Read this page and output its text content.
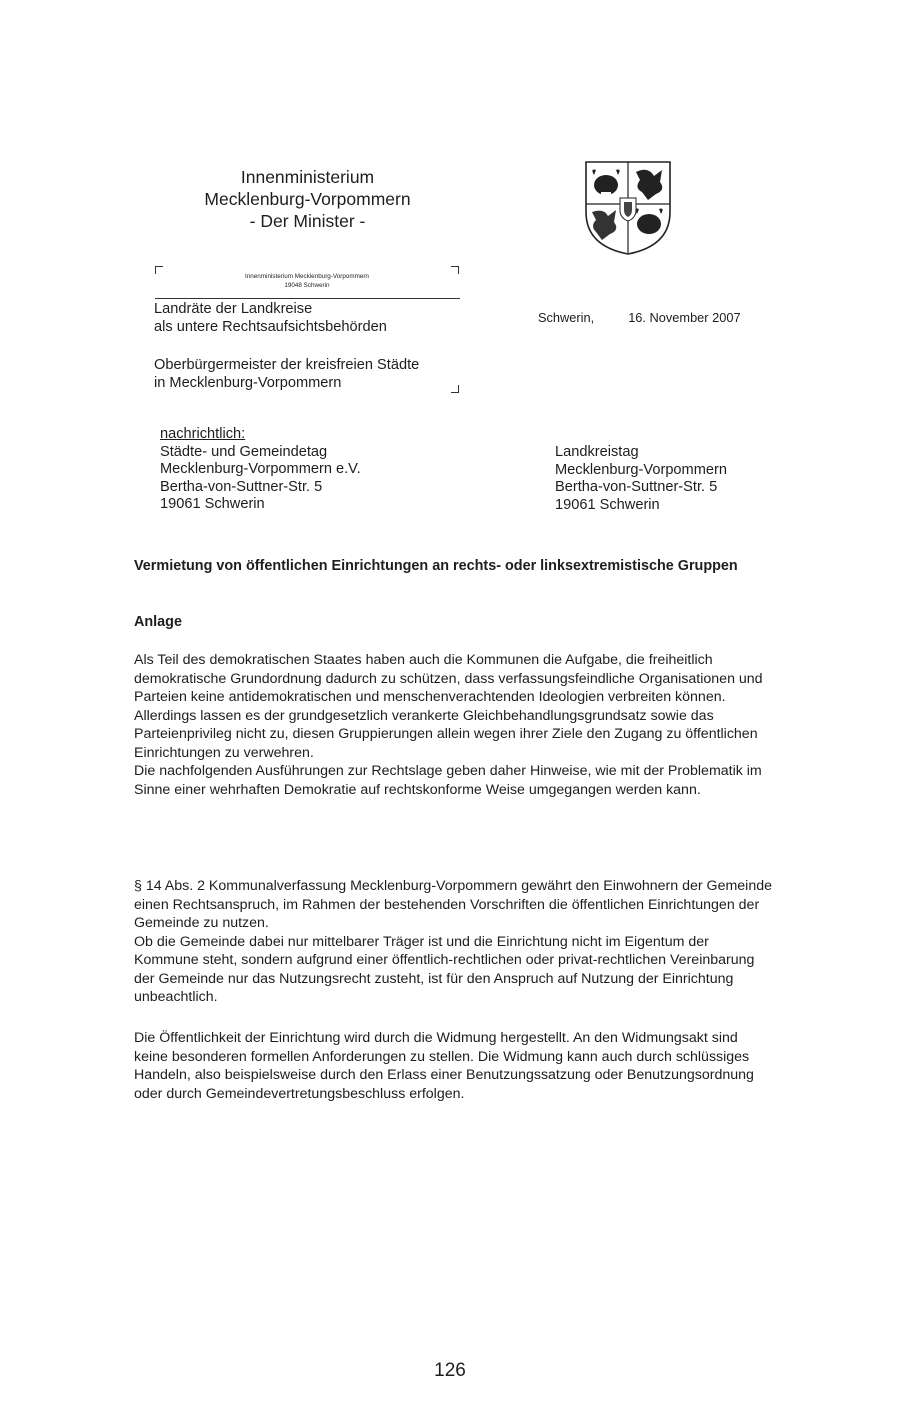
Innenministerium
Mecklenburg-Vorpommern
- Der Minister -
Innenministerium Mecklenburg-Vorpommern
19048 Schwerin
Landräte der Landkreise
als untere Rechtsaufsichtsbehörden
Oberbürgermeister der kreisfreien Städte
in Mecklenburg-Vorpommern
Schwerin,	16. November 2007
nachrichtlich:
Städte- und Gemeindetag
Mecklenburg-Vorpommern e.V.
Bertha-von-Suttner-Str. 5
19061 Schwerin
Landkreistag
Mecklenburg-Vorpommern
Bertha-von-Suttner-Str. 5
19061 Schwerin
Vermietung von öffentlichen Einrichtungen an rechts- oder linksextremistische Gruppen
Anlage

Als Teil des demokratischen Staates haben auch die Kommunen die Aufgabe, die freiheitlich demokratische Grundordnung dadurch zu schützen, dass verfassungsfeindliche Organisationen und Parteien keine antidemokratischen und menschenverachtenden Ideologien verbreiten können. Allerdings lassen es der grundgesetzlich verankerte Gleichbehandlungsgrundsatz sowie das Parteienprivileg nicht zu, diesen Gruppierungen allein wegen ihrer Ziele den Zugang zu öffentlichen Einrichtungen zu verwehren.

Die nachfolgenden Ausführungen zur Rechtslage geben daher Hinweise, wie mit der Problematik im Sinne einer wehrhaften Demokratie auf rechtskonforme Weise umgegangen werden kann.

§ 14 Abs. 2 Kommunalverfassung Mecklenburg-Vorpommern gewährt den Einwohnern der Gemeinde einen Rechtsanspruch, im Rahmen der bestehenden Vorschriften die öffentlichen Einrichtungen der Gemeinde zu nutzen.

Ob die Gemeinde dabei nur mittelbarer Träger ist und die Einrichtung nicht im Eigentum der Kommune steht, sondern aufgrund einer öffentlich-rechtlichen oder privat-rechtlichen Vereinbarung der Gemeinde nur das Nutzungsrecht zusteht, ist für den Anspruch auf Nutzung der Einrichtung unbeachtlich.

Die Öffentlichkeit der Einrichtung wird durch die Widmung hergestellt. An den Widmungsakt sind keine besonderen formellen Anforderungen zu stellen. Die Widmung kann auch durch schlüssiges Handeln, also beispielsweise durch den Erlass einer Benutzungssatzung oder Benutzungsordnung oder durch Gemeindevertretungsbeschluss erfolgen.

126
